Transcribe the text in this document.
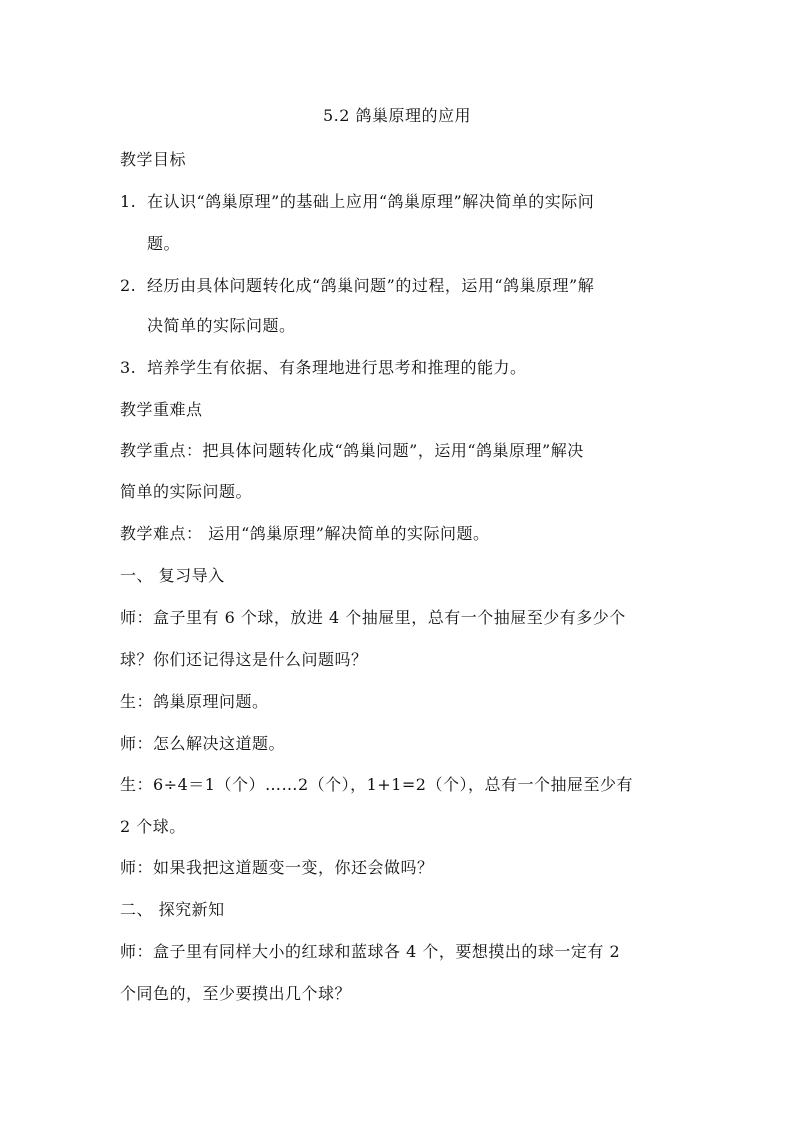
5.2 鸽巢原理的应用
教学目标
1. 在认识“鸽巢原理”的基础上应用“鸽巢原理”解决简单的实际问
题。
2. 经历由具体问题转化成“鸽巢问题”的过程，运用“鸽巢原理”解
决简单的实际问题。
3. 培养学生有依据、有条理地进行思考和推理的能力。
教学重难点
教学重点：把具体问题转化成“鸽巢问题”，运用“鸽巢原理”解决
简单的实际问题。
教学难点： 运用“鸽巢原理”解决简单的实际问题。
一、 复习导入
师：盒子里有 6 个球，放进 4 个抽屉里，总有一个抽屉至少有多少个
球？你们还记得这是什么问题吗？
生：鸽巢原理问题。
师：怎么解决这道题。
生：6÷4＝1（个）……2（个），1+1=2（个），总有一个抽屉至少有
2 个球。
师：如果我把这道题变一变，你还会做吗？
二、 探究新知
师：盒子里有同样大小的红球和蓝球各 4 个，要想摸出的球一定有 2
个同色的，至少要摸出几个球？
